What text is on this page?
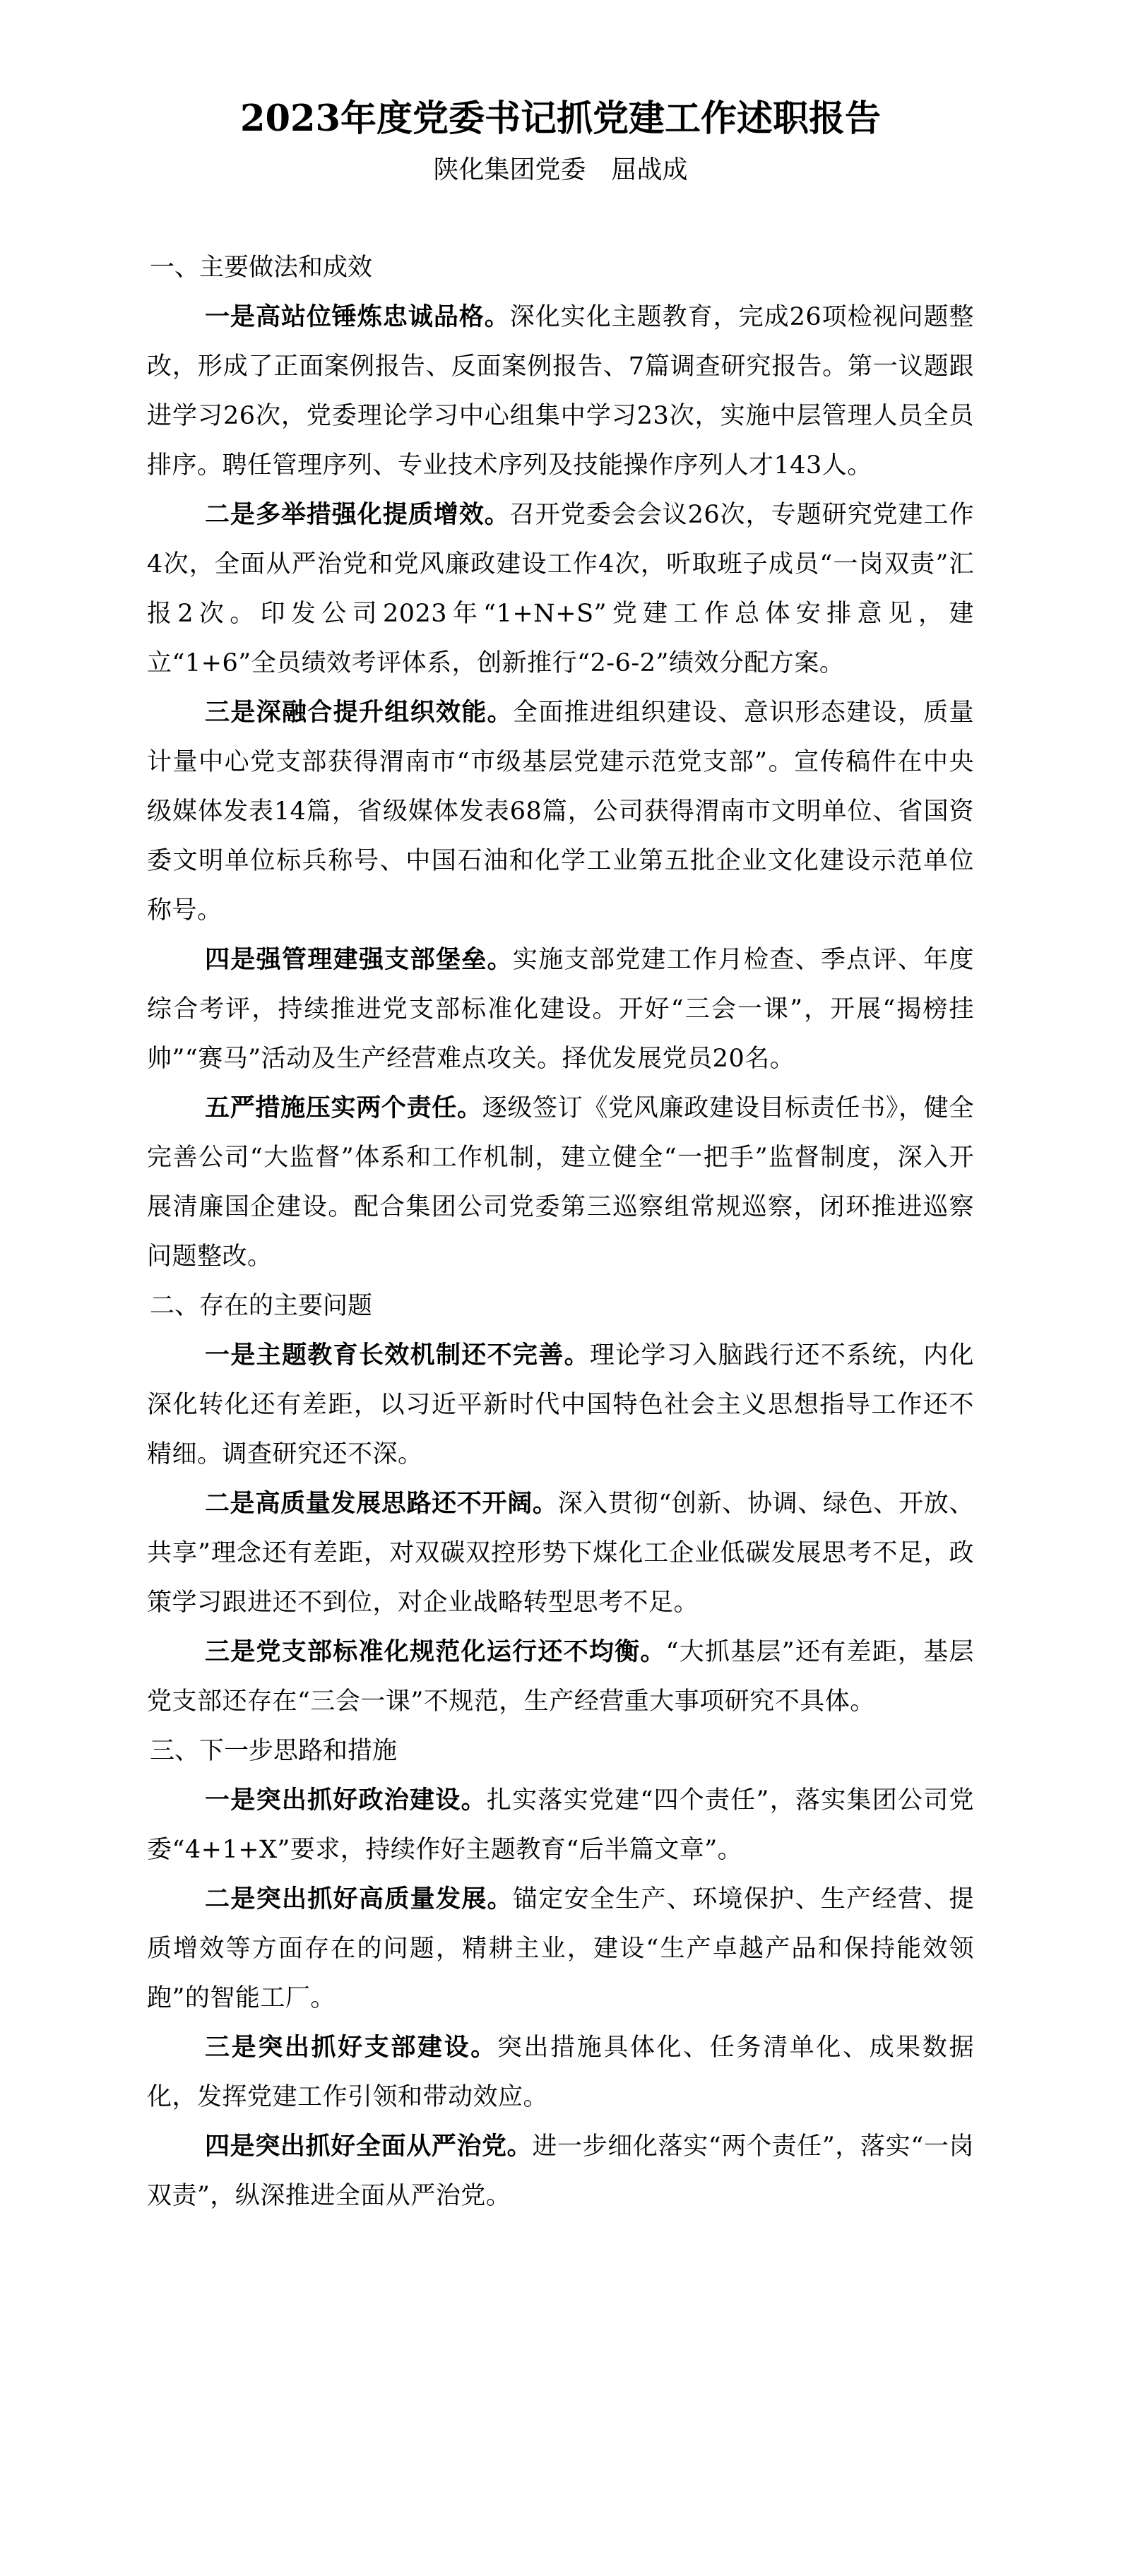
2023年度党委书记抓党建工作述职报告

陕化集团党委　屈战成

一、主要做法和成效

一是高站位锤炼忠诚品格。深化实化主题教育，完成26项检视问题整改，形成了正面案例报告、反面案例报告、7篇调查研究报告。第一议题跟进学习26次，党委理论学习中心组集中学习23次，实施中层管理人员全员排序。聘任管理序列、专业技术序列及技能操作序列人才143人。

二是多举措强化提质增效。召开党委会会议26次，专题研究党建工作4次，全面从严治党和党风廉政建设工作4次，听取班子成员“一岗双责”汇报2次。印发公司2023年“1+N+S”党建工作总体安排意见，建立“1+6”全员绩效考评体系，创新推行“2-6-2”绩效分配方案。

三是深融合提升组织效能。全面推进组织建设、意识形态建设，质量计量中心党支部获得渭南市“市级基层党建示范党支部”。宣传稿件在中央级媒体发表14篇，省级媒体发表68篇，公司获得渭南市文明单位、省国资委文明单位标兵称号、中国石油和化学工业第五批企业文化建设示范单位称号。

四是强管理建强支部堡垒。实施支部党建工作月检查、季点评、年度综合考评，持续推进党支部标准化建设。开好“三会一课”，开展“揭榜挂帅”“赛马”活动及生产经营难点攻关。择优发展党员20名。

五严措施压实两个责任。逐级签订《党风廉政建设目标责任书》，健全完善公司“大监督”体系和工作机制，建立健全“一把手”监督制度，深入开展清廉国企建设。配合集团公司党委第三巡察组常规巡察，闭环推进巡察问题整改。

二、存在的主要问题

一是主题教育长效机制还不完善。理论学习入脑践行还不系统，内化深化转化还有差距，以习近平新时代中国特色社会主义思想指导工作还不精细。调查研究还不深。

二是高质量发展思路还不开阔。深入贯彻“创新、协调、绿色、开放、共享”理念还有差距，对双碳双控形势下煤化工企业低碳发展思考不足，政策学习跟进还不到位，对企业战略转型思考不足。

三是党支部标准化规范化运行还不均衡。“大抓基层”还有差距，基层党支部还存在“三会一课”不规范，生产经营重大事项研究不具体。

三、下一步思路和措施

一是突出抓好政治建设。扎实落实党建“四个责任”，落实集团公司党委“4+1+X”要求，持续作好主题教育“后半篇文章”。

二是突出抓好高质量发展。锚定安全生产、环境保护、生产经营、提质增效等方面存在的问题，精耕主业，建设“生产卓越产品和保持能效领跑”的智能工厂。

三是突出抓好支部建设。突出措施具体化、任务清单化、成果数据化，发挥党建工作引领和带动效应。

四是突出抓好全面从严治党。进一步细化落实“两个责任”，落实“一岗双责”，纵深推进全面从严治党。
